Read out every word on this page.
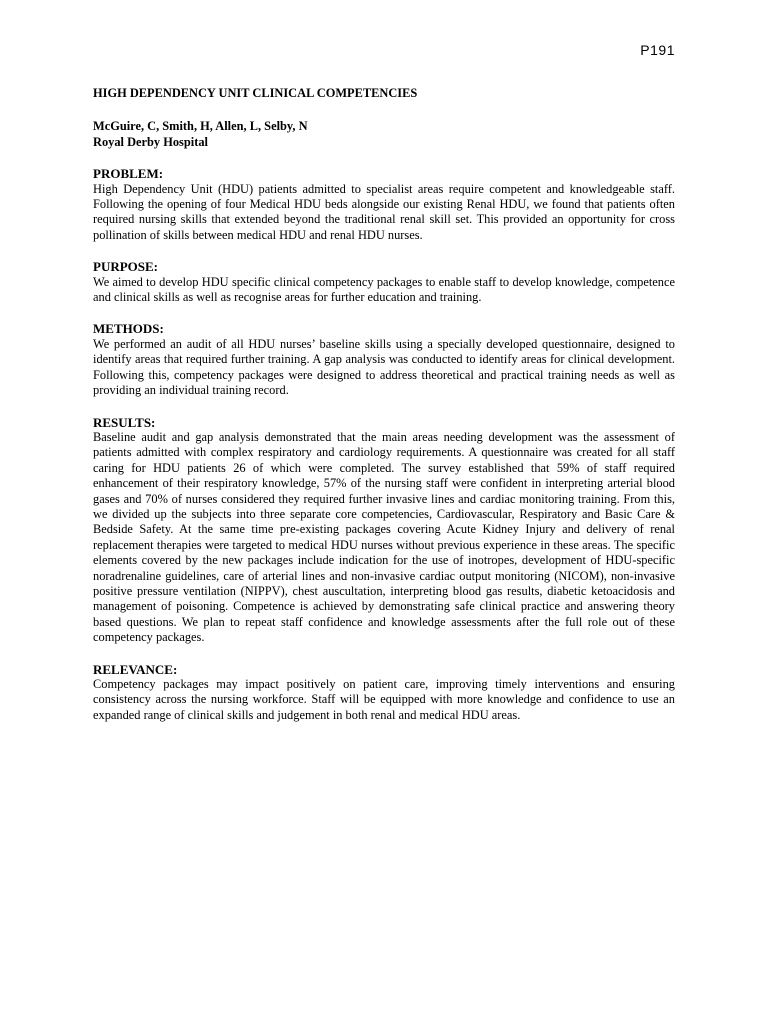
P191

HIGH DEPENDENCY UNIT CLINICAL COMPETENCIES

McGuire, C, Smith, H, Allen, L, Selby, N

Royal Derby Hospital

PROBLEM:

High Dependency Unit (HDU) patients admitted to specialist areas require competent and knowledgeable staff. Following the opening of four Medical HDU beds alongside our existing Renal HDU, we found that patients often required nursing skills that extended beyond the traditional renal skill set. This provided an opportunity for cross pollination of skills between medical HDU and renal HDU nurses.

PURPOSE:

We aimed to develop HDU specific clinical competency packages to enable staff to develop knowledge, competence and clinical skills as well as recognise areas for further education and training.

METHODS:

We performed an audit of all HDU nurses’ baseline skills using a specially developed questionnaire, designed to identify areas that required further training. A gap analysis was conducted to identify areas for clinical development. Following this, competency packages were designed to address theoretical and practical training needs as well as providing an individual training record.

RESULTS:

Baseline audit and gap analysis demonstrated that the main areas needing development was the assessment of patients admitted with complex respiratory and cardiology requirements. A questionnaire was created for all staff caring for HDU patients 26 of which were completed. The survey established that 59% of staff required enhancement of their respiratory knowledge, 57% of the nursing staff were confident in interpreting arterial blood gases and 70% of nurses considered they required further invasive lines and cardiac monitoring training. From this, we divided up the subjects into three separate core competencies, Cardiovascular, Respiratory and Basic Care & Bedside Safety. At the same time pre-existing packages covering Acute Kidney Injury and delivery of renal replacement therapies were targeted to medical HDU nurses without previous experience in these areas. The specific elements covered by the new packages include indication for the use of inotropes, development of HDU-specific noradrenaline guidelines, care of arterial lines and non-invasive cardiac output monitoring (NICOM), non-invasive positive pressure ventilation (NIPPV), chest auscultation, interpreting blood gas results, diabetic ketoacidosis and management of poisoning. Competence is achieved by demonstrating safe clinical practice and answering theory based questions. We plan to repeat staff confidence and knowledge assessments after the full role out of these competency packages.

RELEVANCE:

Competency packages may impact positively on patient care, improving timely interventions and ensuring consistency across the nursing workforce. Staff will be equipped with more knowledge and confidence to use an expanded range of clinical skills and judgement in both renal and medical HDU areas.
